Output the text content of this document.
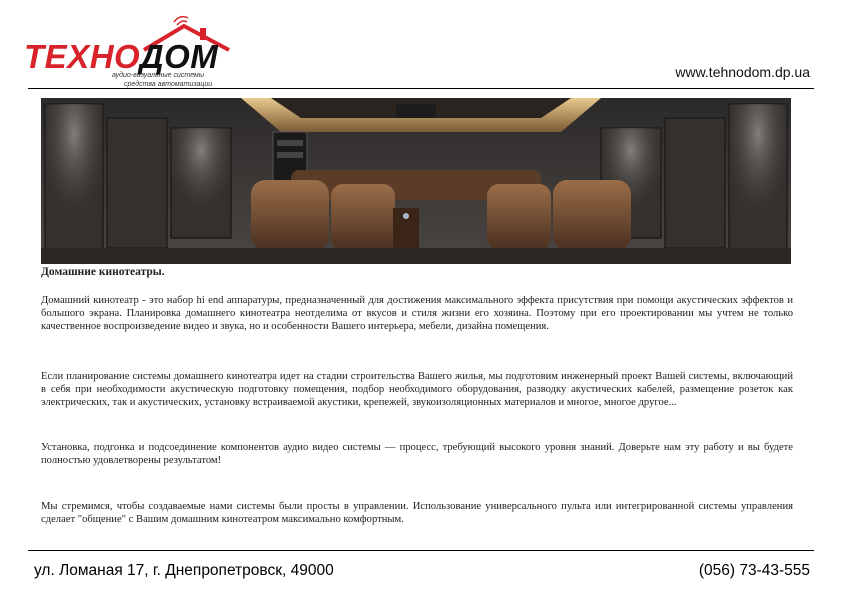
ТЕХНОДОМ
аудио-визуальные системы
средства автоматизации
www.tehnodom.dp.ua
Домашние кинотеатры.
Домашний кинотеатр - это набор hi end аппаратуры, предназначенный для достижения максимального эффекта присутствия при помощи акустических эффектов и большого экрана. Планировка домашнего кинотеатра неотделима от вкусов и стиля жизни его хозяина. Поэтому при его проектировании мы учтем не только качественное воспроизведение видео и звука, но и особенности Вашего интерьера, мебели, дизайна помещения.
Если планирование системы домашнего кинотеатра идет на стадии строительства Вашего жилья, мы подготовим инженерный проект Вашей системы, включающий в себя при необходимости акустическую подготовку помещения, подбор необходимого оборудования, разводку акустических кабелей, размещение розеток как электрических, так и акустических, установку встраиваемой акустики, крепежей, звукоизоляционных материалов и многое, многое другое...
Установка, подгонка и подсоединение компонентов аудио видео системы — процесс, требующий высокого уровня знаний. Доверьте нам эту работу и вы будете полностью удовлетворены результатом!
Мы стремимся, чтобы создаваемые нами системы были просты в управлении. Использование универсального пульта или интегрированной системы управления сделает "общение" с Вашим домашним кинотеатром максимально комфортным.
ул. Ломаная 17, г. Днепропетровск, 49000	(056) 73-43-555
